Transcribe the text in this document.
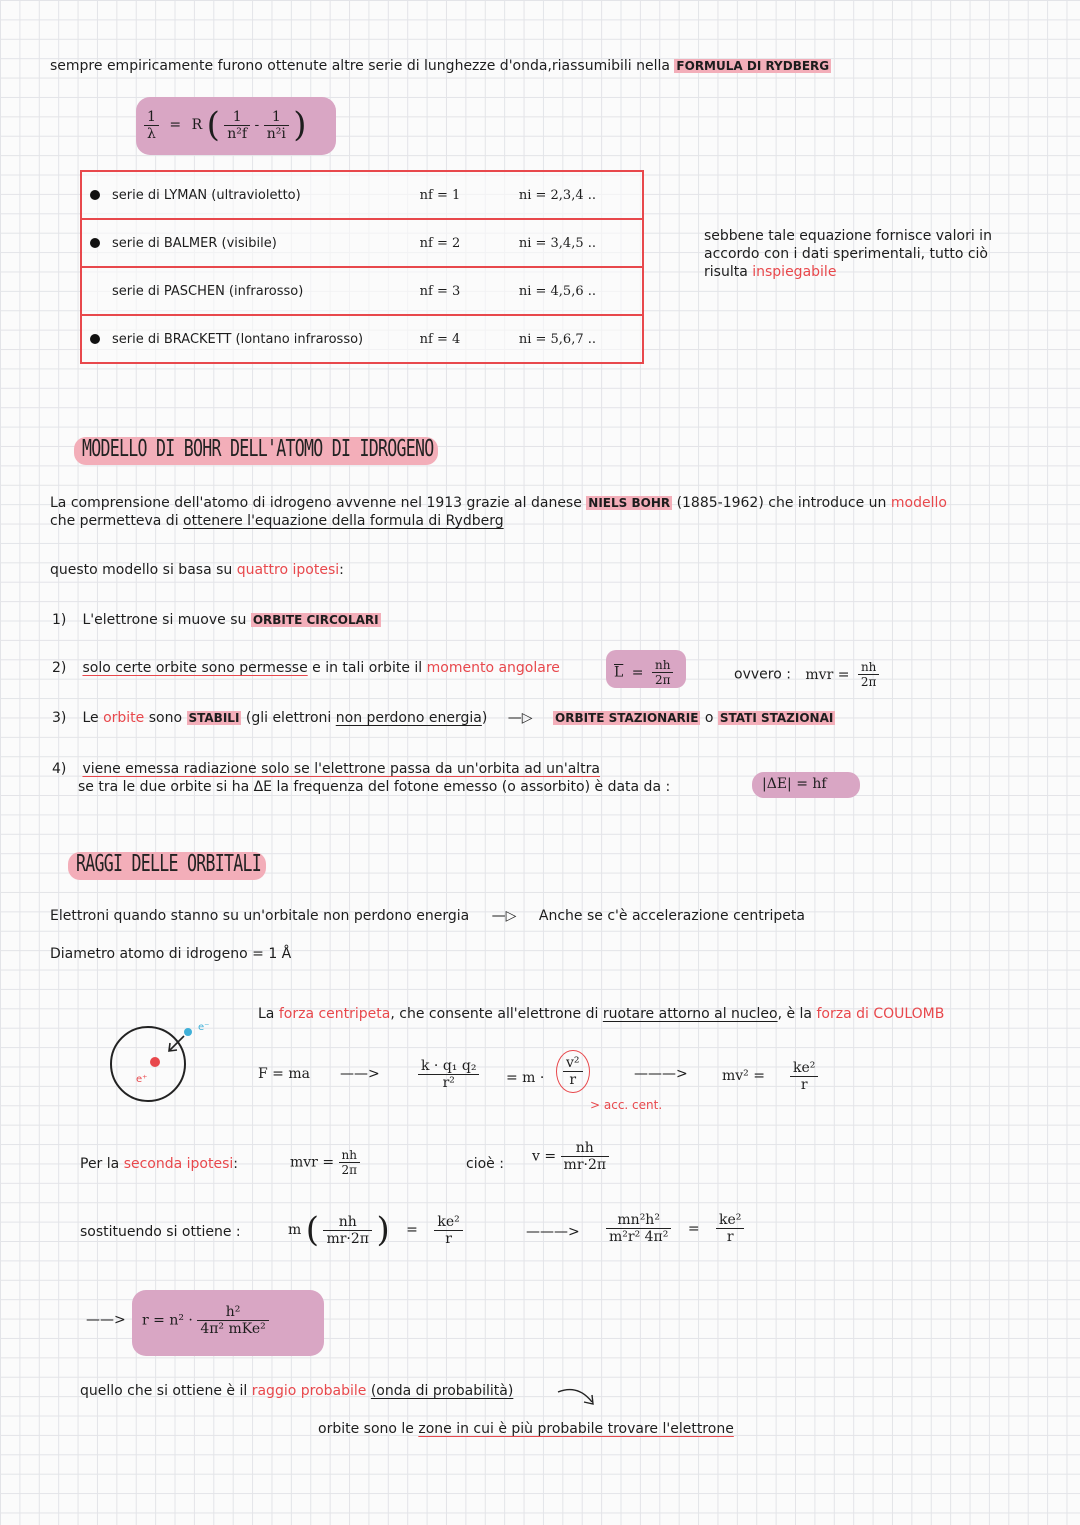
sempre empiricamente furono ottenute altre serie di lunghezze d'onda,riassumibili nella FORMULA DI RYDBERG
$\frac{1}{\lambda} = R$ ( $\frac{1}{\text{n²f}} - \frac{1}{\text{n²i}}$ )
serie di LYMAN (ultravioletto)	nf = 1	ni = 2,3,4 ..
serie di BALMER (visibile)	nf = 2	ni = 3,4,5 ..
serie di PASCHEN (infrarosso)	nf = 3	ni = 4,5,6 ..
serie di BRACKETT (lontano infrarosso)	nf = 4	ni = 5,6,7 ..
sebbene tale equazione fornisce valori in
accordo con i dati sperimentali, tutto ciò
risulta inspiegabile
MODELLO DI BOHR DELL'ATOMO DI IDROGENO
La comprensione dell'atomo di idrogeno avvenne nel 1913 grazie al danese NIELS BOHR (1885-1962) che introduce un modello
che permetteva di ottenere l'equazione della formula di Rydberg
questo modello si basa su quattro ipotesi:
1) L'elettrone si muove su ORBITE CIRCOLARI
2) solo certe orbite sono permesse e in tali orbite il momento angolare	$\overline{L} = \frac{nh}{2\pi}$	ovvero : mvr = $\frac{nh}{2\pi}$
3) Le orbite sono STABILI (gli elettroni non perdono energia) —▷ ORBITE STAZIONARIE o STATI STAZIONAI
4) viene emessa radiazione solo se l'elettrone passa da un'orbita ad un'altra
se tra le due orbite si ha ΔE la frequenza del fotone emesso (o assorbito) è data da :	|ΔE| = hf
RAGGI DELLE ORBITALI
Elettroni quando stanno su un'orbitale non perdono energia —▷ Anche se c'è accelerazione centripeta
Diametro atomo di idrogeno = 1 Å
e⁻
e⁺
La forza centripeta, che consente all'elettrone di ruotare attorno al nucleo, è la forza di COULOMB
F = ma ——>	$\frac{\text{k · q₁ q₂}}{\text{r²}} = m \cdot \frac{\text{v²}}{r}$
> acc. cent.
———> $mv^2 = \frac{\text{ke²}}{r}$
Per la seconda ipotesi:	mvr = $\frac{nh}{2\pi}$	cioè : $v = \frac{nh}{mr\cdot 2\pi}$
sostituendo si ottiene :	m ( $\frac{nh}{mr\cdot 2\pi}$ ) = $\frac{\text{ke²}}{r}$	———> $\frac{\text{mn²h²}}{\text{m²r² 4π²}} = \frac{\text{ke²}}{r}$
——> $r = n^2 \cdot \frac{\text{h²}}{\text{4π² mKe²}}$
quello che si ottiene è il raggio probabile (onda di probabilità)
orbite sono le zone in cui è più probabile trovare l'elettrone
